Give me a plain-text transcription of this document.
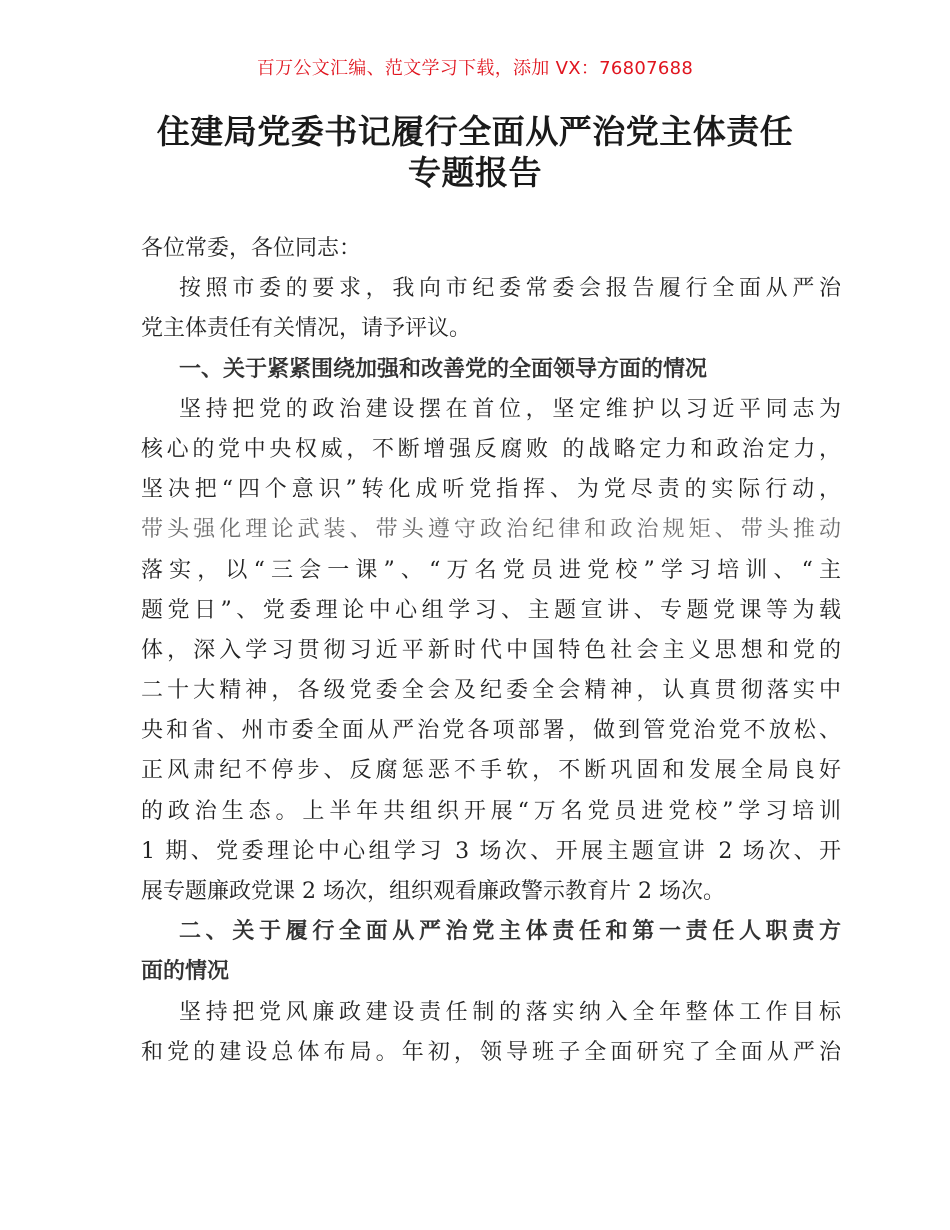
百万公文汇编、范文学习下载，添加 VX：76807688
住建局党委书记履行全面从严治党主体责任
专题报告
各位常委，各位同志：
按照市委的要求，我向市纪委常委会报告履行全面从严治
党主体责任有关情况，请予评议。
一、关于紧紧围绕加强和改善党的全面领导方面的情况
坚持把党的政治建设摆在首位，坚定维护以习近平同志为
核心的党中央权威，不断增强反腐败 的战略定力和政治定力，
坚决把“四个意识”转化成听党指挥、为党尽责的实际行动，
带头强化理论武装、带头遵守政治纪律和政治规矩、带头推动
落实，以“三会一课”、“万名党员进党校”学习培训、“主
题党日”、党委理论中心组学习、主题宣讲、专题党课等为载
体，深入学习贯彻习近平新时代中国特色社会主义思想和党的
二十大精神，各级党委全会及纪委全会精神，认真贯彻落实中
央和省、州市委全面从严治党各项部署，做到管党治党不放松、
正风肃纪不停步、反腐惩恶不手软，不断巩固和发展全局良好
的政治生态。上半年共组织开展“万名党员进党校”学习培训
1 期、党委理论中心组学习 3 场次、开展主题宣讲 2 场次、开
展专题廉政党课 2 场次，组织观看廉政警示教育片 2 场次。
二、关于履行全面从严治党主体责任和第一责任人职责方
面的情况
坚持把党风廉政建设责任制的落实纳入全年整体工作目标
和党的建设总体布局。年初，领导班子全面研究了全面从严治
